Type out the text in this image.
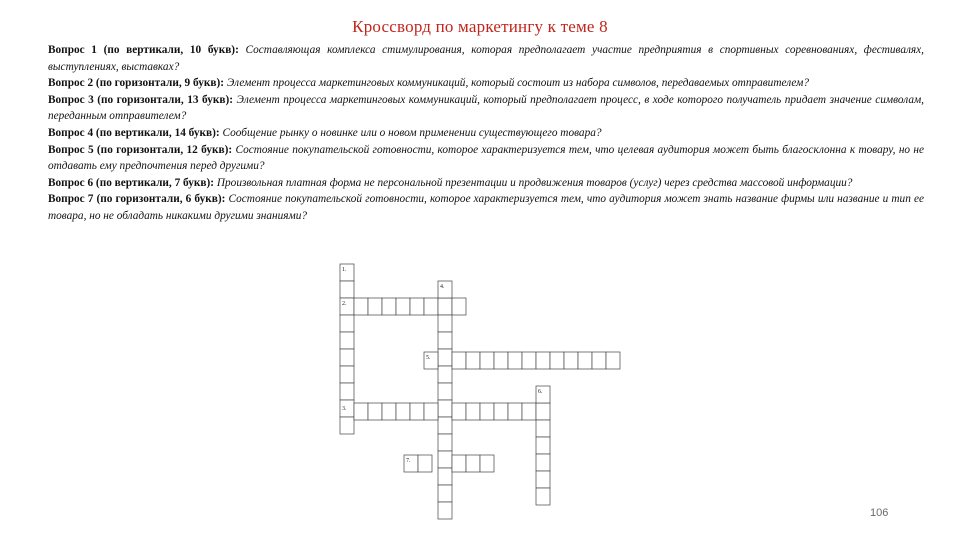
Кроссворд по маркетингу к теме 8

Вопрос 1 (по вертикали, 10 букв): Составляющая комплекса стимулирования, которая предполагает участие предприятия в спортивных соревнованиях, фестивалях, выступлениях, выставках?

Вопрос 2 (по горизонтали, 9 букв): Элемент процесса маркетинговых коммуникаций, который состоит из набора символов, передаваемых отправителем?

Вопрос 3 (по горизонтали, 13 букв): Элемент процесса маркетинговых коммуникаций, который предполагает процесс, в ходе которого получатель придает значение символам, переданным отправителем?

Вопрос 4 (по вертикали, 14 букв): Сообщение рынку о новинке или о новом применении существующего товара?

Вопрос 5 (по горизонтали, 12 букв): Состояние покупательской готовности, которое характеризуется тем, что целевая аудитория может быть благосклонна к товару, но не отдавать ему предпочтения перед другими?

Вопрос 6 (по вертикали, 7 букв): Произвольная платная форма не персональной презентации и продвижения товаров (услуг) через средства массовой информации?

Вопрос 7 (по горизонтали, 6 букв): Состояние покупательской готовности, которое характеризуется тем, что аудитория может знать название фирмы или название и тип ее товара, но не обладать никакими другими знаниями?

1.
2.
3.
4.
5.
6.
7.
106
